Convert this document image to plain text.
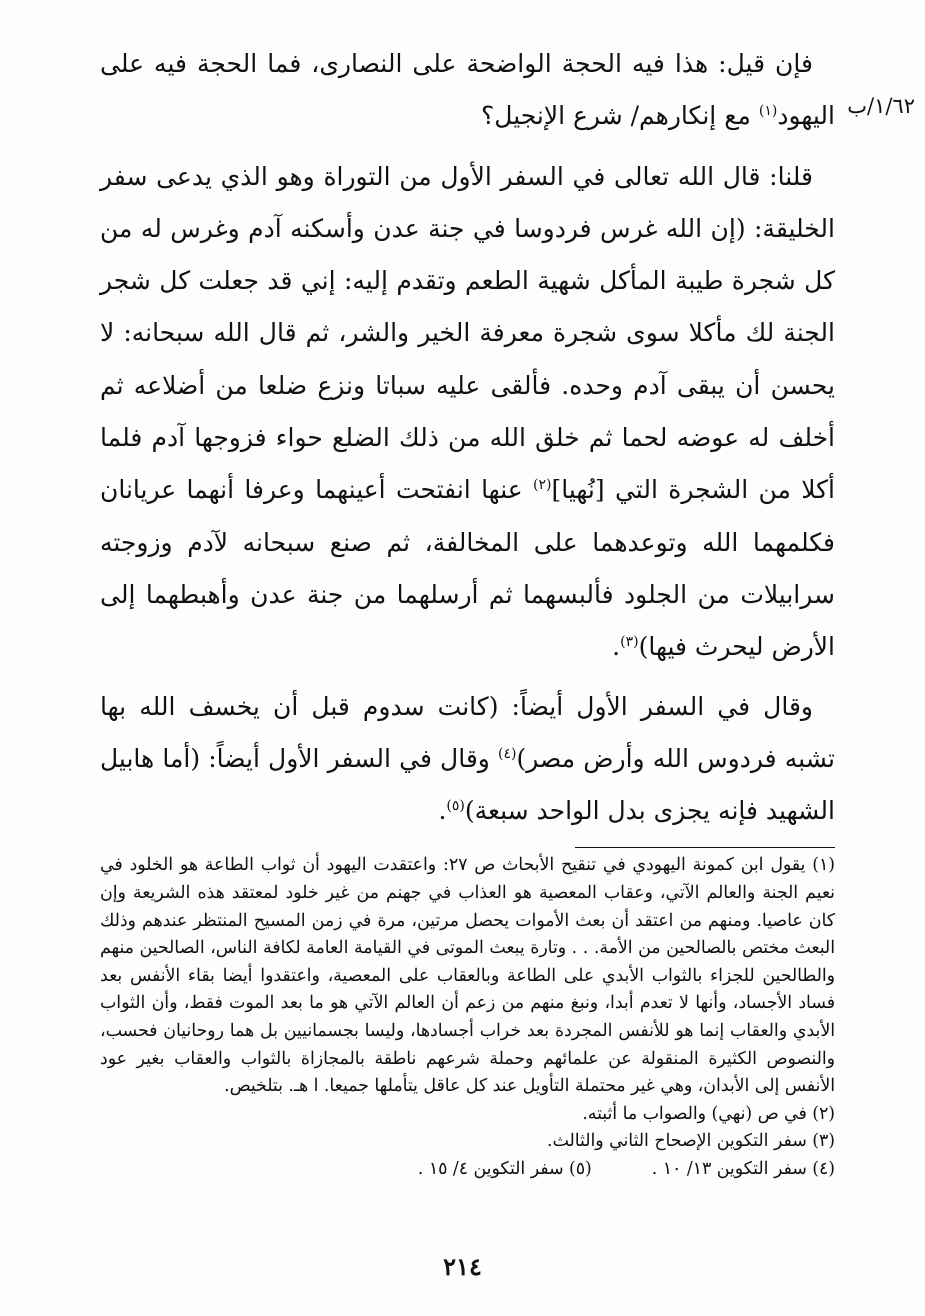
١/٦٢/ب

فإن قيل: هذا فيه الحجة الواضحة على النصارى، فما الحجة فيه على اليهود$^{(١)}$ مع إنكارهم/ شرع الإنجيل؟

قلنا: قال الله تعالى في السفر الأول من التوراة وهو الذي يدعى سفر الخليقة: (إن الله غرس فردوسا في جنة عدن وأسكنه آدم وغرس له من كل شجرة طيبة المأكل شهية الطعم وتقدم إليه: إني قد جعلت كل شجر الجنة لك مأكلا سوى شجرة معرفة الخير والشر، ثم قال الله سبحانه: لا يحسن أن يبقى آدم وحده. فألقى عليه سباتا ونزع ضلعا من أضلاعه ثم أخلف له عوضه لحما ثم خلق الله من ذلك الضلع حواء فزوجها آدم فلما أكلا من الشجرة التي [نُهيا]$^{(٢)}$ عنها انفتحت أعينهما وعرفا أنهما عريانان فكلمهما الله وتوعدهما على المخالفة، ثم صنع سبحانه لآدم وزوجته سرابيلات من الجلود فألبسهما ثم أرسلهما من جنة عدن وأهبطهما إلى الأرض ليحرث فيها)$^{(٣)}$.

وقال في السفر الأول أيضاً: (كانت سدوم قبل أن يخسف الله بها تشبه فردوس الله وأرض مصر)$^{(٤)}$ وقال في السفر الأول أيضاً: (أما هابيل الشهيد فإنه يجزى بدل الواحد سبعة)$^{(٥)}$.

(١) يقول ابن كمونة اليهودي في تنقيح الأبحاث ص ٢٧: واعتقدت اليهود أن ثواب الطاعة هو الخلود في نعيم الجنة والعالم الآتي، وعقاب المعصية هو العذاب في جهنم من غير خلود لمعتقد هذه الشريعة وإن كان عاصيا. ومنهم من اعتقد أن بعث الأموات يحصل مرتين، مرة في زمن المسيح المنتظر عندهم وذلك البعث مختص بالصالحين من الأمة. . . وتارة يبعث الموتى في القيامة العامة لكافة الناس، الصالحين منهم والطالحين للجزاء بالثواب الأبدي على الطاعة وبالعقاب على المعصية، واعتقدوا أيضا بقاء الأنفس بعد فساد الأجساد، وأنها لا تعدم أبدا، ونبغ منهم من زعم أن العالم الآتي هو ما بعد الموت فقط، وأن الثواب الأبدي والعقاب إنما هو للأنفس المجردة بعد خراب أجسادها، وليسا بجسمانيين بل هما روحانيان فحسب، والنصوص الكثيرة المنقولة عن علمائهم وحملة شرعهم ناطقة بالمجازاة بالثواب والعقاب بغير عود الأنفس إلى الأبدان، وهي غير محتملة التأويل عند كل عاقل يتأملها جميعا. ا هـ. بتلخيص.
(٢) في ص (نهي) والصواب ما أثبته.
(٣) سفر التكوين الإصحاح الثاني والثالث.
(٤) سفر التكوين ١٣/ ١٠ .
(٥) سفر التكوين ٤/ ١٥ .
٢١٤
